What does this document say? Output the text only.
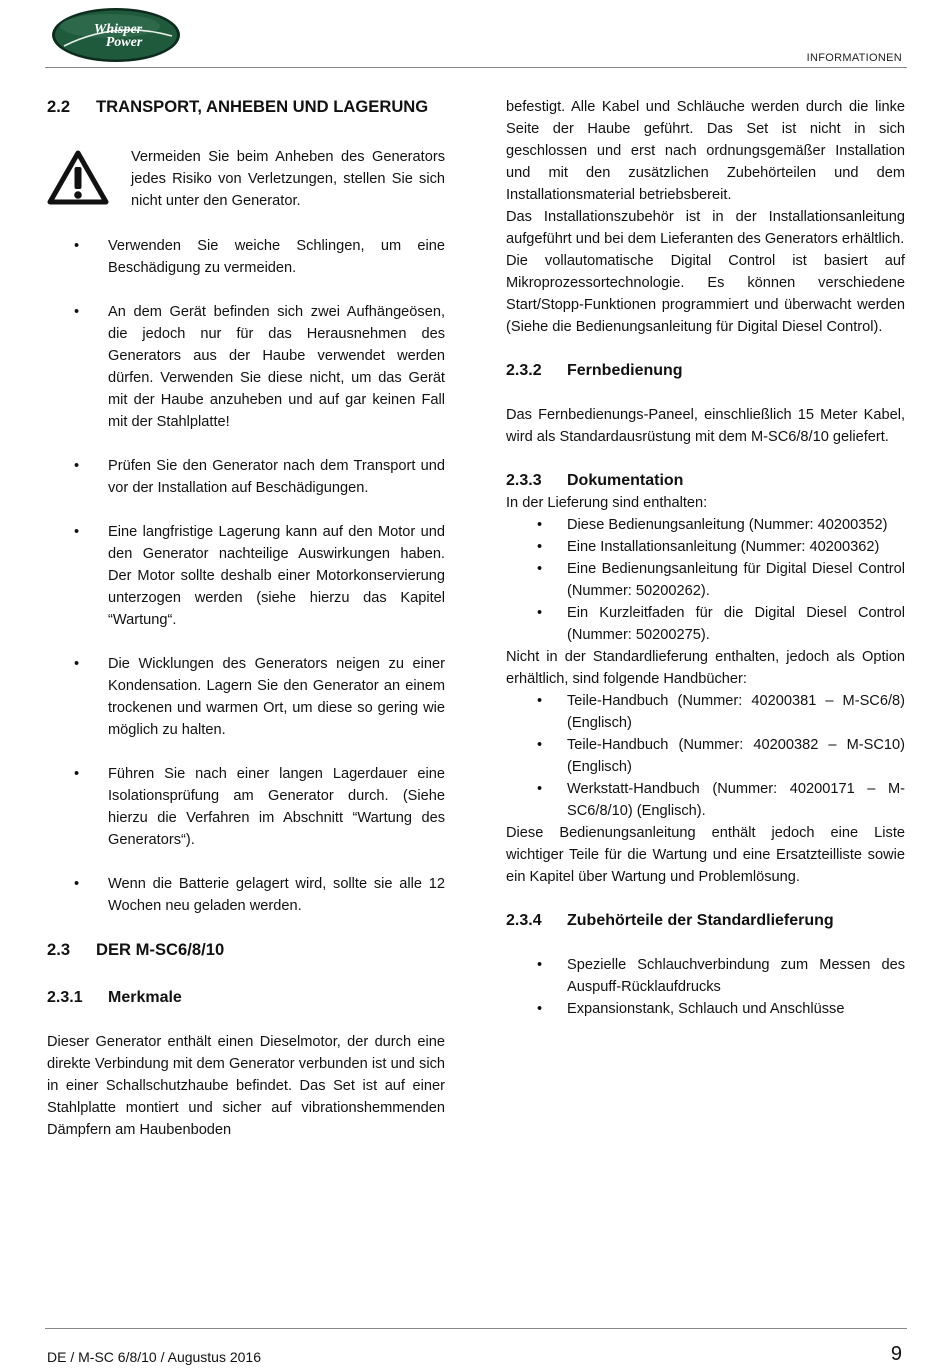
Whisper
Power
INFORMATIONEN
2.2	TRANSPORT, ANHEBEN UND LAGERUNG

Vermeiden Sie beim Anheben des Generators jedes Risiko von Verletzungen, stellen Sie sich nicht unter den Generator.

• Verwenden Sie weiche Schlingen, um eine Beschädigung zu vermeiden.
• An dem Gerät befinden sich zwei Aufhängeösen, die jedoch nur für das Herausnehmen des Generators aus der Haube verwendet werden dürfen. Verwenden Sie diese nicht, um das Gerät mit der Haube anzuheben und auf gar keinen Fall mit der Stahlplatte!
• Prüfen Sie den Generator nach dem Transport und vor der Installation auf Beschädigungen.
• Eine langfristige Lagerung kann auf den Motor und den Generator nachteilige Auswirkungen haben. Der Motor sollte deshalb einer Motorkonservierung unterzogen werden (siehe hierzu das Kapitel “Wartung“.
• Die Wicklungen des Generators neigen zu einer Kondensation. Lagern Sie den Generator an einem trockenen und warmen Ort, um diese so gering wie möglich zu halten.
• Führen Sie nach einer langen Lagerdauer eine Isolationsprüfung am Generator durch. (Siehe hierzu die Verfahren im Abschnitt “Wartung des Generators“).
• Wenn die Batterie gelagert wird, sollte sie alle 12 Wochen neu geladen werden.
2.3	DER M-SC6/8/10
2.3.1	Merkmale

Dieser Generator enthält einen Dieselmotor, der durch eine direkte Verbindung mit dem Generator verbunden ist und sich in einer Schallschutzhaube befindet. Das Set ist auf einer Stahlplatte montiert und sicher auf vibrationshemmenden Dämpfern am Haubenboden

befestigt. Alle Kabel und Schläuche werden durch die linke Seite der Haube geführt. Das Set ist nicht in sich geschlossen und erst nach ordnungsgemäßer Installation und mit den zusätzlichen Zubehörteilen und dem Installationsmaterial betriebsbereit.

Das Installationszubehör ist in der Installationsanleitung aufgeführt und bei dem Lieferanten des Generators erhältlich.

Die vollautomatische Digital Control ist basiert auf Mikroprozessortechnologie. Es können verschiedene Start/Stopp-Funktionen programmiert und überwacht werden (Siehe die Bedienungsanleitung für Digital Diesel Control).

2.3.2	Fernbedienung

Das Fernbedienungs-Paneel, einschließlich 15 Meter Kabel, wird als Standardausrüstung mit dem M-SC6/8/10 geliefert.

2.3.3	Dokumentation

In der Lieferung sind enthalten:

• Diese Bedienungsanleitung (Nummer: 40200352)
• Eine Installationsanleitung (Nummer: 40200362)
• Eine Bedienungsanleitung für Digital Diesel Control (Nummer: 50200262).
• Ein Kurzleitfaden für die Digital Diesel Control (Nummer: 50200275).

Nicht in der Standardlieferung enthalten, jedoch als Option erhältlich, sind folgende Handbücher:

• Teile-Handbuch (Nummer: 40200381 – M-SC6/8) (Englisch)
• Teile-Handbuch (Nummer: 40200382 – M-SC10) (Englisch)
• Werkstatt-Handbuch (Nummer: 40200171 – M-SC6/8/10) (Englisch).

Diese Bedienungsanleitung enthält jedoch eine Liste wichtiger Teile für die Wartung und eine Ersatzteilliste sowie ein Kapitel über Wartung und Problemlösung.

2.3.4	Zubehörteile der Standardlieferung
• Spezielle Schlauchverbindung zum Messen des Auspuff-Rücklaufdrucks
• Expansionstank, Schlauch und Anschlüsse
DE / M-SC 6/8/10 / Augustus 2016	9
